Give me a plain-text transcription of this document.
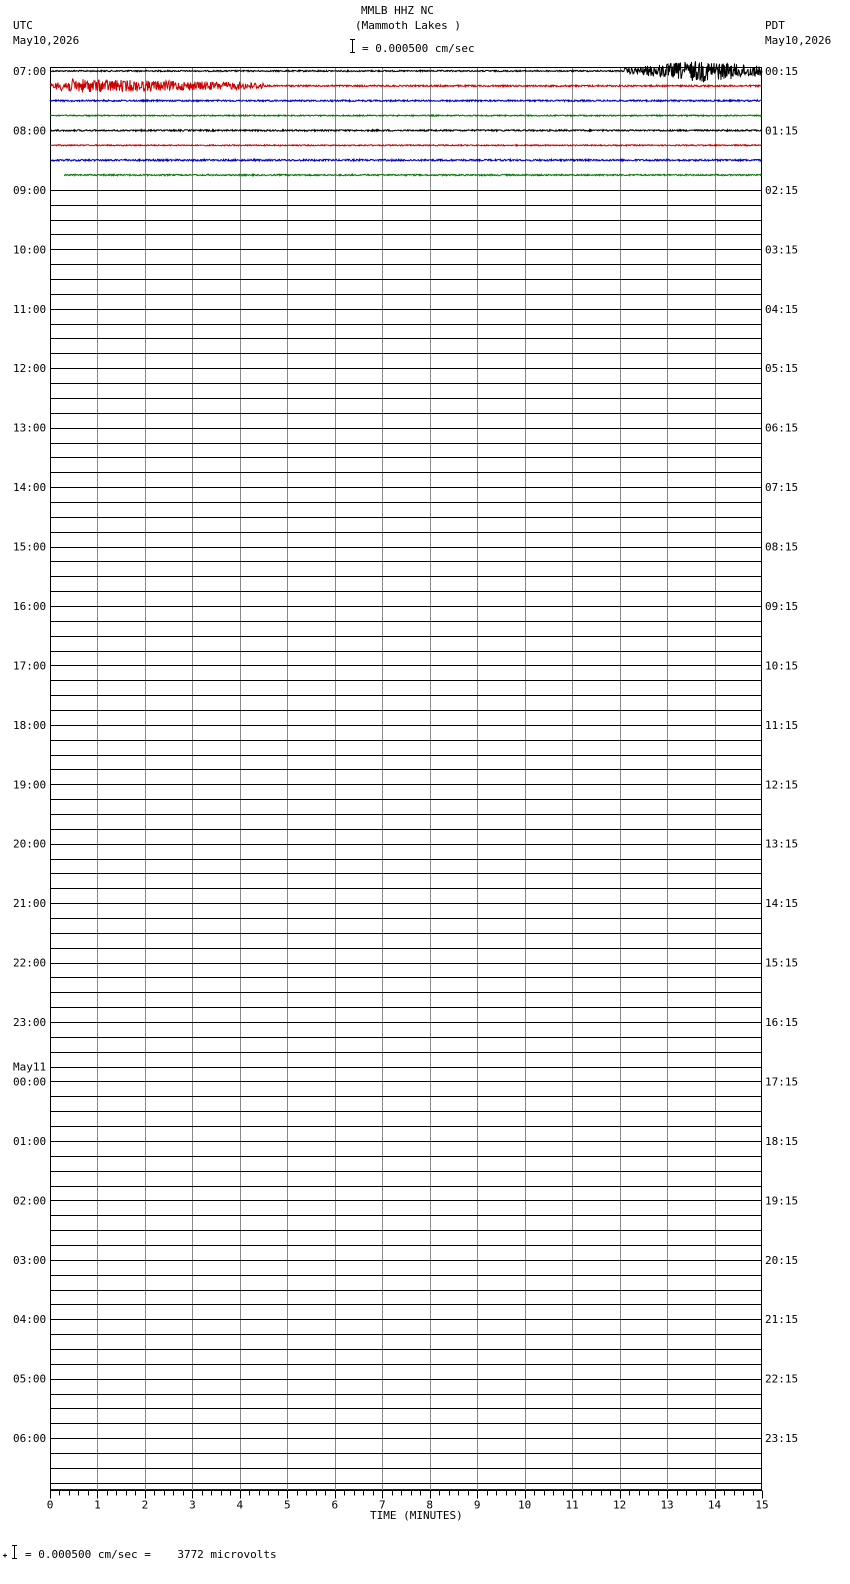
MMLB HHZ NC
(Mammoth Lakes )
= 0.000500 cm/sec
UTC
May10,2026
PDT
May10,2026
= 0.000500 cm/sec =    3772 microvolts
TIME (MINUTES)
0	1	2	3	4	5	6	7	8	9	10	11	12	13	14	15
07:00
08:00
09:00
10:00
11:00
12:00
13:00
14:00
15:00
16:00
17:00
18:00
19:00
20:00
21:00
22:00
23:00
00:00
01:00
02:00
03:00
04:00
05:00
06:00
May11
00:15
01:15
02:15
03:15
04:15
05:15
06:15
07:15
08:15
09:15
10:15
11:15
12:15
13:15
14:15
15:15
16:15
17:15
18:15
19:15
20:15
21:15
22:15
23:15
